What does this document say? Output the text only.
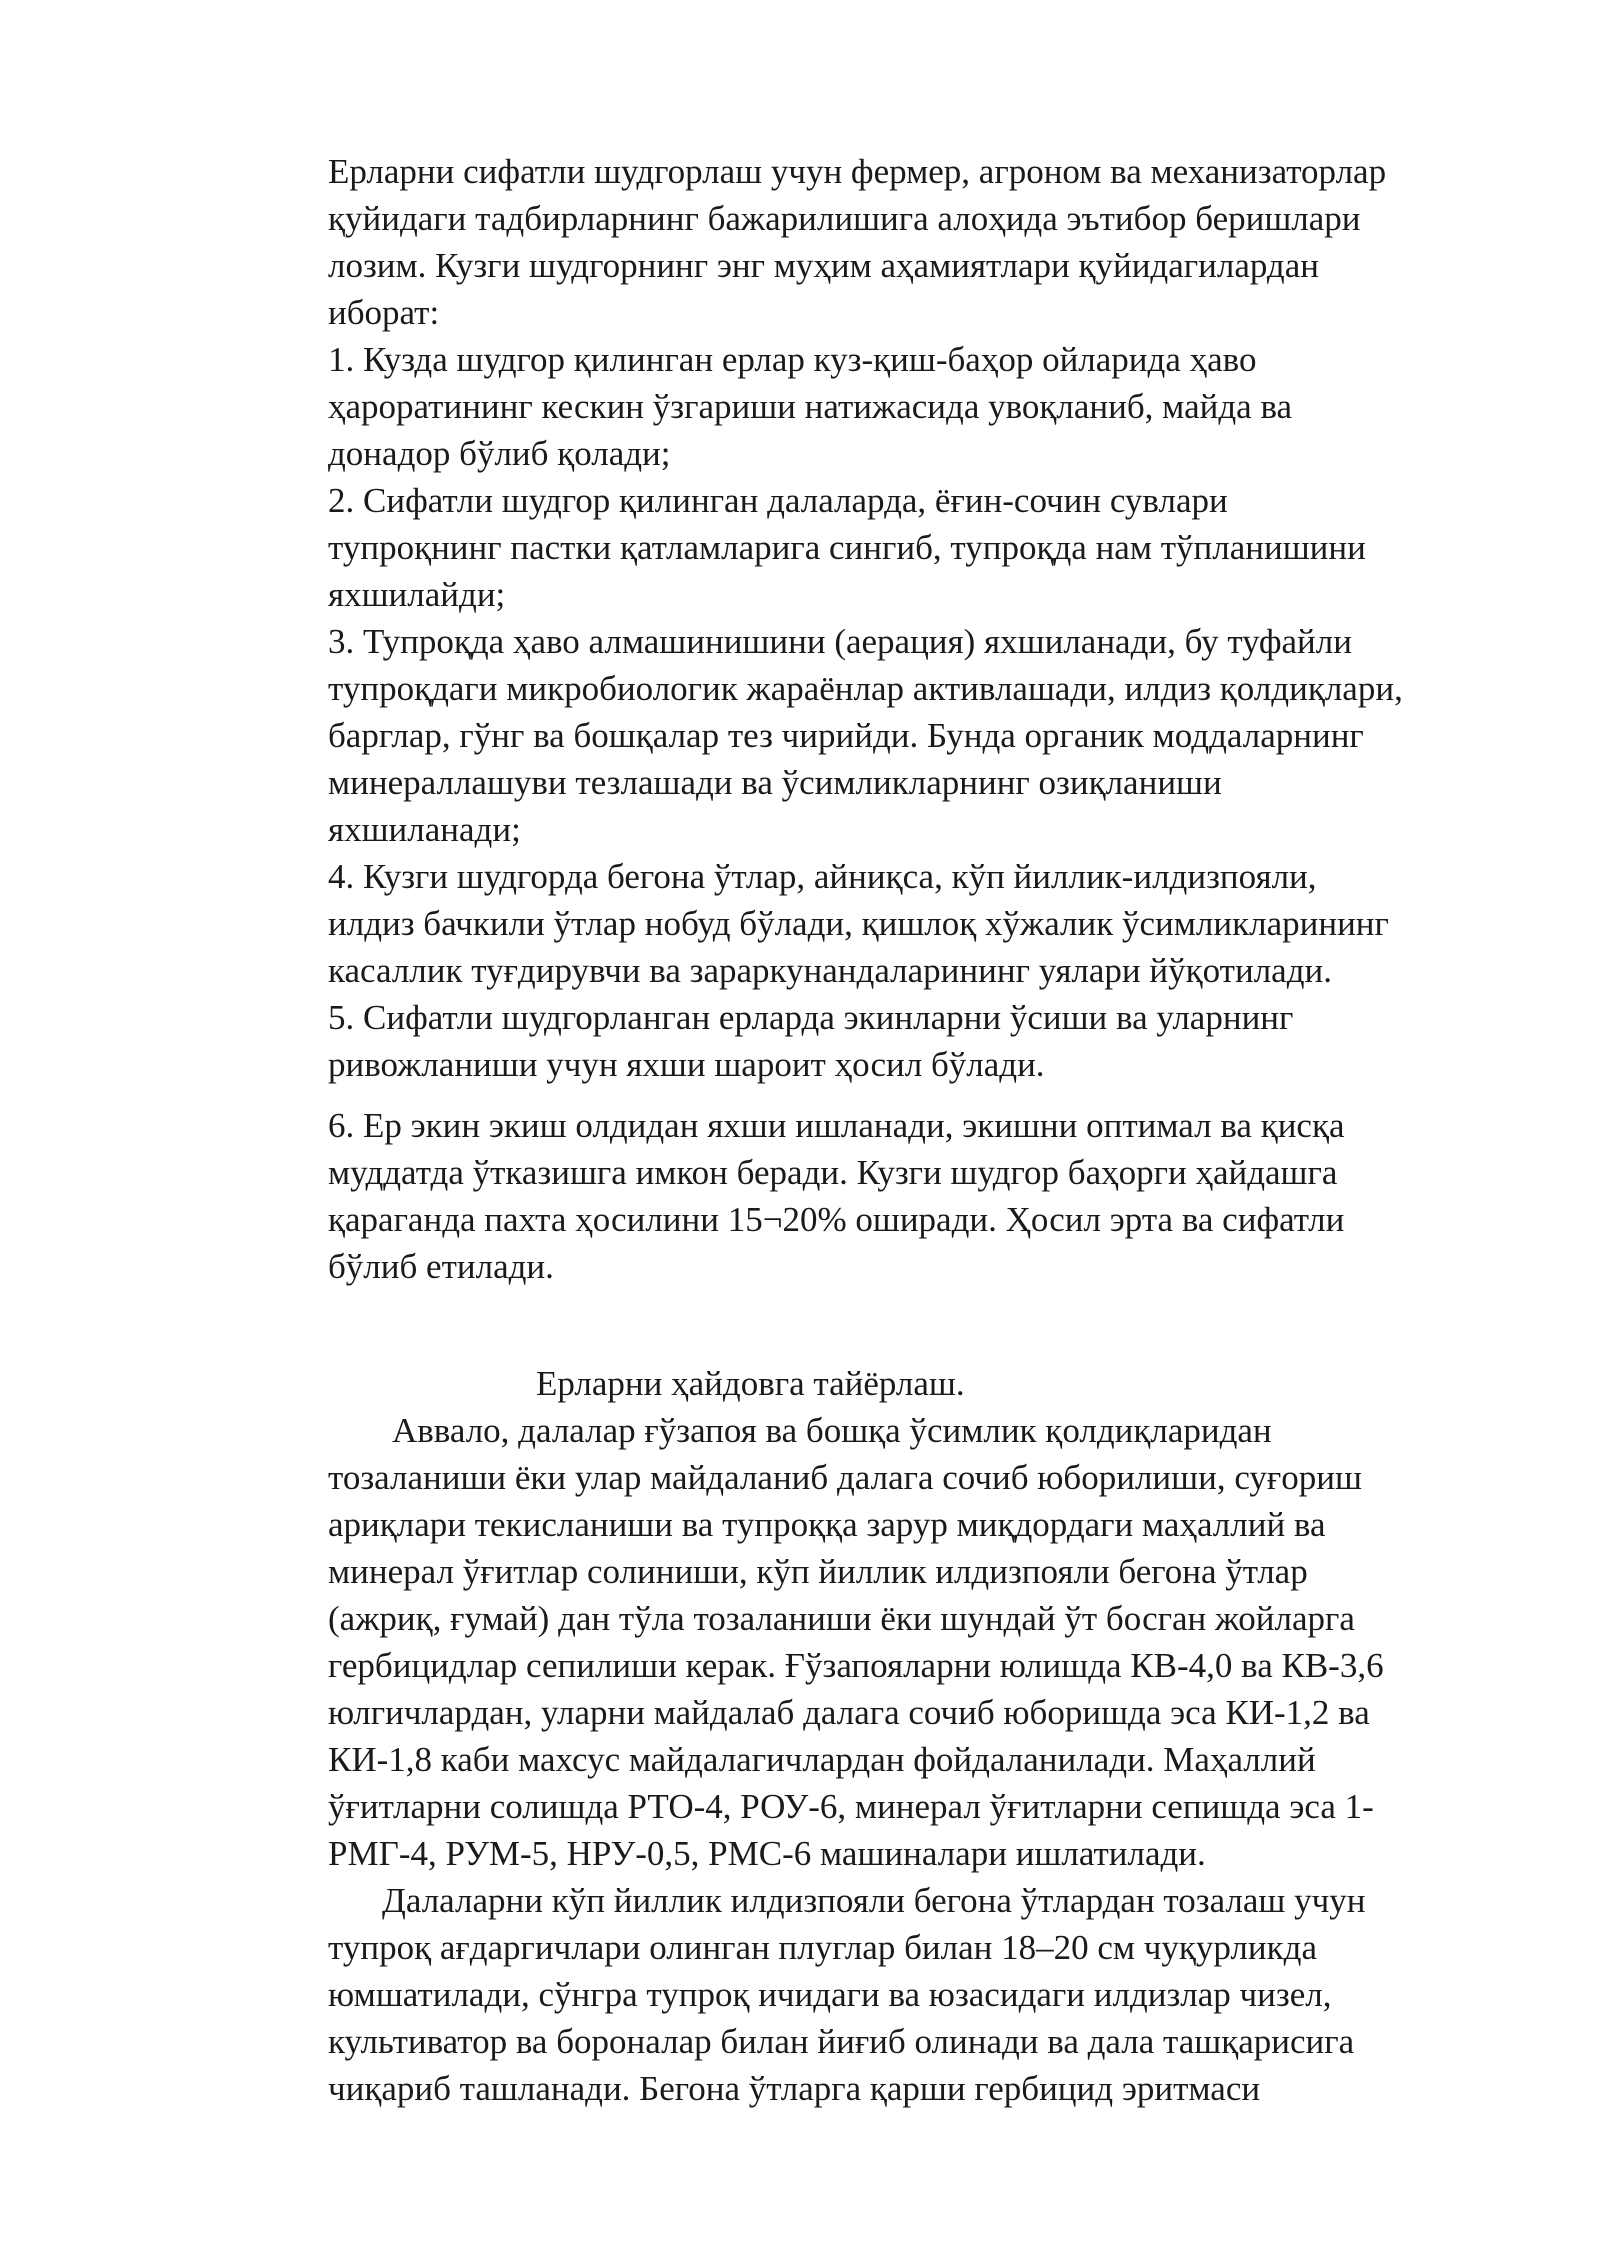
Ерларни сифатли шудгорлаш учун фермер, агроном ва механизаторлар
қуйидаги тадбирларнинг бажарилишига алоҳида эътибор беришлари
лозим. Кузги шудгорнинг энг муҳим аҳамиятлари қуйидагилардан
иборат:
1. Кузда шудгор қилинган ерлар куз-қиш-баҳор ойларида ҳаво
ҳароратининг кескин ўзгариши натижасида увоқланиб, майда ва
донадор бўлиб қолади;
2. Сифатли шудгор қилинган далаларда, ёғин-сочин сувлари
тупроқнинг пастки қатламларига сингиб, тупроқда нам тўпланишини
яхшилайди;
3. Тупроқда ҳаво алмашинишини (аерация) яхшиланади, бу туфайли
тупроқдаги микробиологик жараёнлар активлашади, илдиз қолдиқлари,
барглар, гўнг ва бошқалар тез чирийди. Бунда органик моддаларнинг
минераллашуви тезлашади ва ўсимликларнинг озиқланиши
яхшиланади;
4. Кузги шудгорда бегона ўтлар, айниқса, кўп йиллик-илдизпояли,
илдиз бачкили ўтлар нобуд бўлади, қишлоқ хўжалик ўсимликларининг
касаллик туғдирувчи ва зараркунандаларининг уялари йўқотилади.
5. Сифатли шудгорланган ерларда экинларни ўсиши ва уларнинг
ривожланиши учун яхши шароит ҳосил бўлади.

6. Ер экин экиш олдидан яхши ишланади, экишни оптимал ва қисқа
муддатда ўтказишга имкон беради. Кузги шудгор баҳорги ҳайдашга
қараганда пахта ҳосилини 15¬20% оширади. Ҳосил эрта ва сифатли
бўлиб етилади.

Ерларни ҳайдовга тайёрлаш.

Аввало, далалар ғўзапоя ва бошқа ўсимлик қолдиқларидан
тозаланиши ёки улар майдаланиб далага сочиб юборилиши, суғориш
ариқлари текисланиши ва тупроққа зарур миқдордаги маҳаллий ва
минерал ўғитлар солиниши, кўп йиллик илдизпояли бегона ўтлар
(ажриқ, ғумай) дан тўла тозаланиши ёки шундай ўт босган жойларга
гербицидлар сепилиши керак. Ғўзапояларни юлишда КВ-4,0 ва КВ-3,6
юлгичлардан, уларни майдалаб далага сочиб юборишда эса КИ-1,2 ва
КИ-1,8 каби махсус майдалагичлардан фойдаланилади. Маҳаллий
ўғитларни солишда РТО-4, РОУ-6, минерал ўғитларни сепишда эса 1-
РМГ-4, РУМ-5, НРУ-0,5, РМС-6 машиналари ишлатилади.

Далаларни кўп йиллик илдизпояли бегона ўтлардан тозалаш учун
тупроқ ағдаргичлари олинган плуглар билан 18–20 см чуқурликда
юмшатилади, сўнгра тупроқ ичидаги ва юзасидаги илдизлар чизел,
культиватор ва бороналар билан йиғиб олинади ва дала ташқарисига
чиқариб ташланади. Бегона ўтларга қарши гербицид эритмаси
